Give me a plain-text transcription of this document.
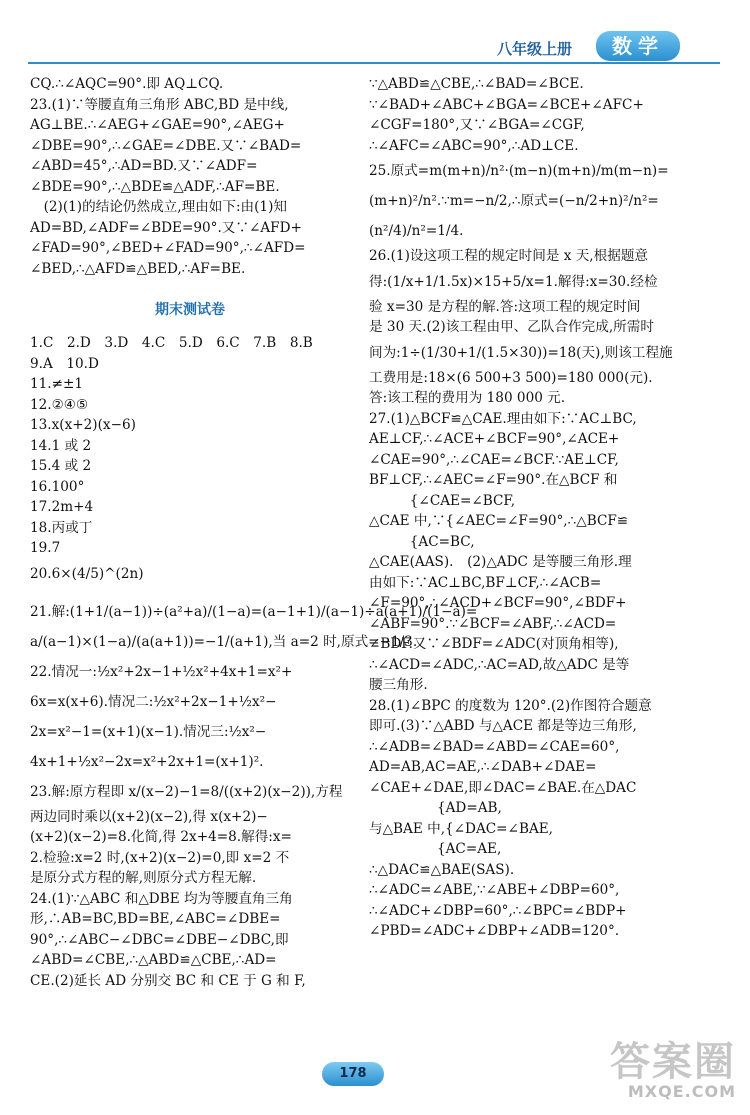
八年级上册	数学
CQ.∴∠AQC=90°.即 AQ⊥CQ.
23.(1)∵等腰直角三角形 ABC,BD 是中线,
AG⊥BE.∴∠AEG+∠GAE=90°,∠AEG+
∠DBE=90°,∴∠GAE=∠DBE.又∵∠BAD=
∠ABD=45°,∴AD=BD.又∵∠ADF=
∠BDE=90°,∴△BDE≌△ADF,∴AF=BE.
　(2)(1)的结论仍然成立,理由如下:由(1)知
AD=BD,∠ADF=∠BDE=90°.又∵∠AFD+
∠FAD=90°,∠BED+∠FAD=90°,∴∠AFD=
∠BED,∴△AFD≌△BED,∴AF=BE.
期末测试卷
1.C　2.D　3.D　4.C　5.D　6.C　7.B　8.B
9.A　10.D
11.≠±1
12.②④⑤
13.x(x+2)(x−6)
14.1 或 2
15.4 或 2
16.100°
17.2m+4
18.丙或丁
19.7
20.6×(4/5)^(2n)
21.解:(1+1/(a−1))÷(a²+a)/(1−a)=(a−1+1)/(a−1)÷a(a+1)/(1−a)=
a/(a−1)×(1−a)/(a(a+1))=−1/(a+1),当 a=2 时,原式=−1/3.
22.情况一:½x²+2x−1+½x²+4x+1=x²+
6x=x(x+6).情况二:½x²+2x−1+½x²−
2x=x²−1=(x+1)(x−1).情况三:½x²−
4x+1+½x²−2x=x²+2x+1=(x+1)².
23.解:原方程即 x/(x−2)−1=8/((x+2)(x−2)),方程
两边同时乘以(x+2)(x−2),得 x(x+2)−
(x+2)(x−2)=8.化简,得 2x+4=8.解得:x=
2.检验:x=2 时,(x+2)(x−2)=0,即 x=2 不
是原分式方程的解,则原分式方程无解.
24.(1)∵△ABC 和△DBE 均为等腰直角三角
形,∴AB=BC,BD=BE,∠ABC=∠DBE=
90°,∴∠ABC−∠DBC=∠DBE−∠DBC,即
∠ABD=∠CBE,∴△ABD≌△CBE,∴AD=
CE.(2)延长 AD 分别交 BC 和 CE 于 G 和 F,
∵△ABD≌△CBE,∴∠BAD=∠BCE.
∵∠BAD+∠ABC+∠BGA=∠BCE+∠AFC+
∠CGF=180°,又∵∠BGA=∠CGF,
∴∠AFC=∠ABC=90°,∴AD⊥CE.
25.原式=m(m+n)/n²·(m−n)(m+n)/m(m−n)=
(m+n)²/n².∵m=−n/2,∴原式=(−n/2+n)²/n²=
(n²/4)/n²=1/4.
26.(1)设这项工程的规定时间是 x 天,根据题意
得:(1/x+1/1.5x)×15+5/x=1.解得:x=30.经检
验 x=30 是方程的解.答:这项工程的规定时间
是 30 天.(2)该工程由甲、乙队合作完成,所需时
间为:1÷(1/30+1/(1.5×30))=18(天),则该工程施
工费用是:18×(6 500+3 500)=180 000(元).
答:该工程的费用为 180 000 元.
27.(1)△BCF≌△CAE.理由如下:∵AC⊥BC,
AE⊥CF,∴∠ACE+∠BCF=90°,∠ACE+
∠CAE=90°,∴∠CAE=∠BCF.∵AE⊥CF,
BF⊥CF,∴∠AEC=∠F=90°.在△BCF 和
　　　{∠CAE=∠BCF,
△CAE 中,∵{∠AEC=∠F=90°,∴△BCF≌
　　　{AC=BC,
△CAE(AAS).　(2)△ADC 是等腰三角形.理
由如下:∵AC⊥BC,BF⊥CF,∴∠ACB=
∠F=90°,∴∠ACD+∠BCF=90°,∠BDF+
∠ABF=90°.∵∠BCF=∠ABF,∴∠ACD=
∠BDF.又∵∠BDF=∠ADC(对顶角相等),
∴∠ACD=∠ADC,∴AC=AD,故△ADC 是等
腰三角形.
28.(1)∠BPC 的度数为 120°.(2)作图符合题意
即可.(3)∵△ABD 与△ACE 都是等边三角形,
∴∠ADB=∠BAD=∠ABD=∠CAE=60°,
AD=AB,AC=AE,∴∠DAB+∠DAE=
∠CAE+∠DAE,即∠DAC=∠BAE.在△DAC
　　　　　{AD=AB,
与△BAE 中,{∠DAC=∠BAE,
　　　　　{AC=AE,
∴△DAC≌△BAE(SAS).
∴∠ADC=∠ABE,∵∠ABE+∠DBP=60°,
∴∠ADC+∠DBP=60°,∴∠BPC=∠BDP+
∠PBD=∠ADC+∠DBP+∠ADB=120°.
178	答案圈
MXQE.COM
